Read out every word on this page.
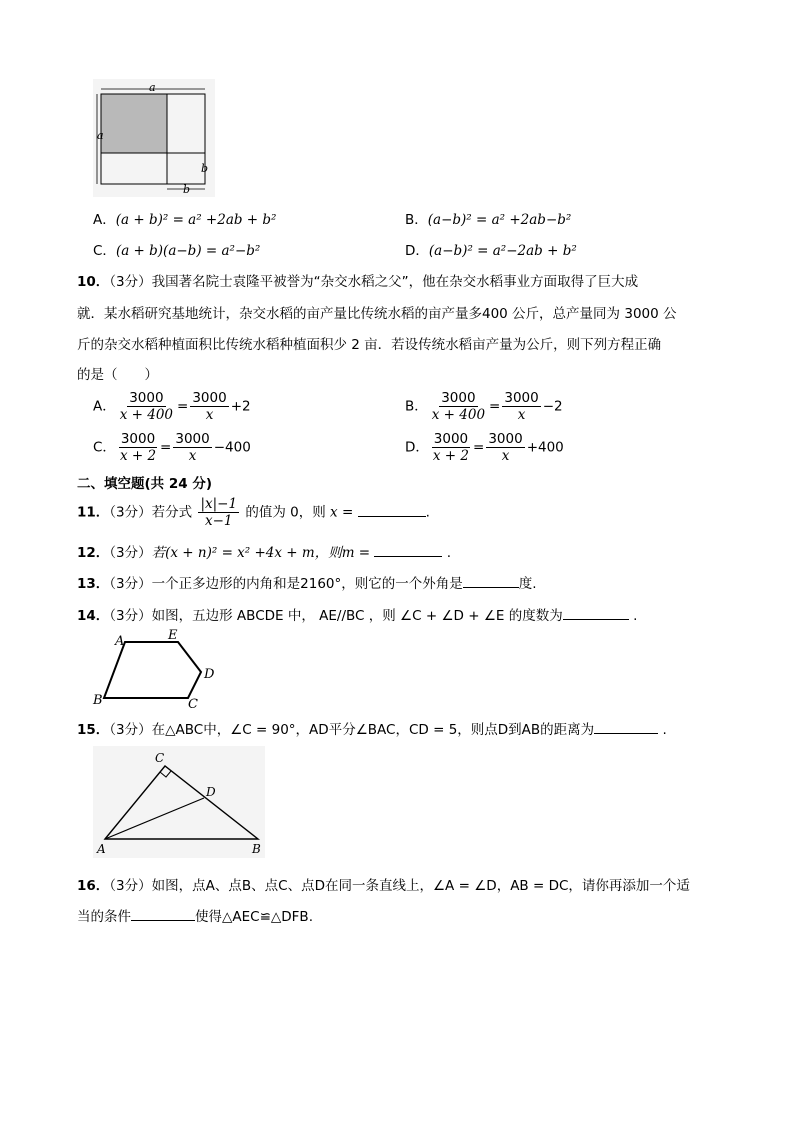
a
a
b
b
A．(a + b)² = a² +2ab + b²	B．(a−b)² = a² +2ab−b²
C．(a + b)(a−b) = a²−b²	D．(a−b)² = a²−2ab + b²
10．（3分）我国著名院士袁隆平被誉为“杂交水稻之父”，他在杂交水稻事业方面取得了巨大成
就．某水稻研究基地统计，杂交水稻的亩产量比传统水稻的亩产量多400 公斤，总产量同为 3000 公
斤的杂交水稻种植面积比传统水稻种植面积少 2 亩．若设传统水稻亩产量为公斤，则下列方程正确
的是（　　）
A． $\frac{3000}{x + 400} = \frac{3000}{x} +2$	B． $\frac{3000}{x + 400} = \frac{3000}{x} -2$
C． $\frac{3000}{x + 2} = \frac{3000}{x} -400$	D． $\frac{3000}{x + 2} = \frac{3000}{x} +400$
二、填空题(共 24 分)
11．（3分）若分式 $\frac{|x|-1}{x-1}$ 的值为 0，则 x =	.
12．（3分）若(x + n)² = x² +4x + m，则m =	.
13．（3分）一个正多边形的内角和是2160°，则它的一个外角是	度.
14．（3分）如图，五边形 ABCDE 中， AE//BC ，则 ∠C + ∠D + ∠E 的度数为	.
A	E
D
C
B
15．（3分）在△ABC中，∠C = 90°，AD平分∠BAC，CD = 5，则点D到AB的距离为	.
C
D
A	B
16．（3分）如图，点A、点B、点C、点D在同一条直线上，∠A = ∠D，AB = DC，请你再添加一个适
当的条件	使得△AEC≌△DFB.
